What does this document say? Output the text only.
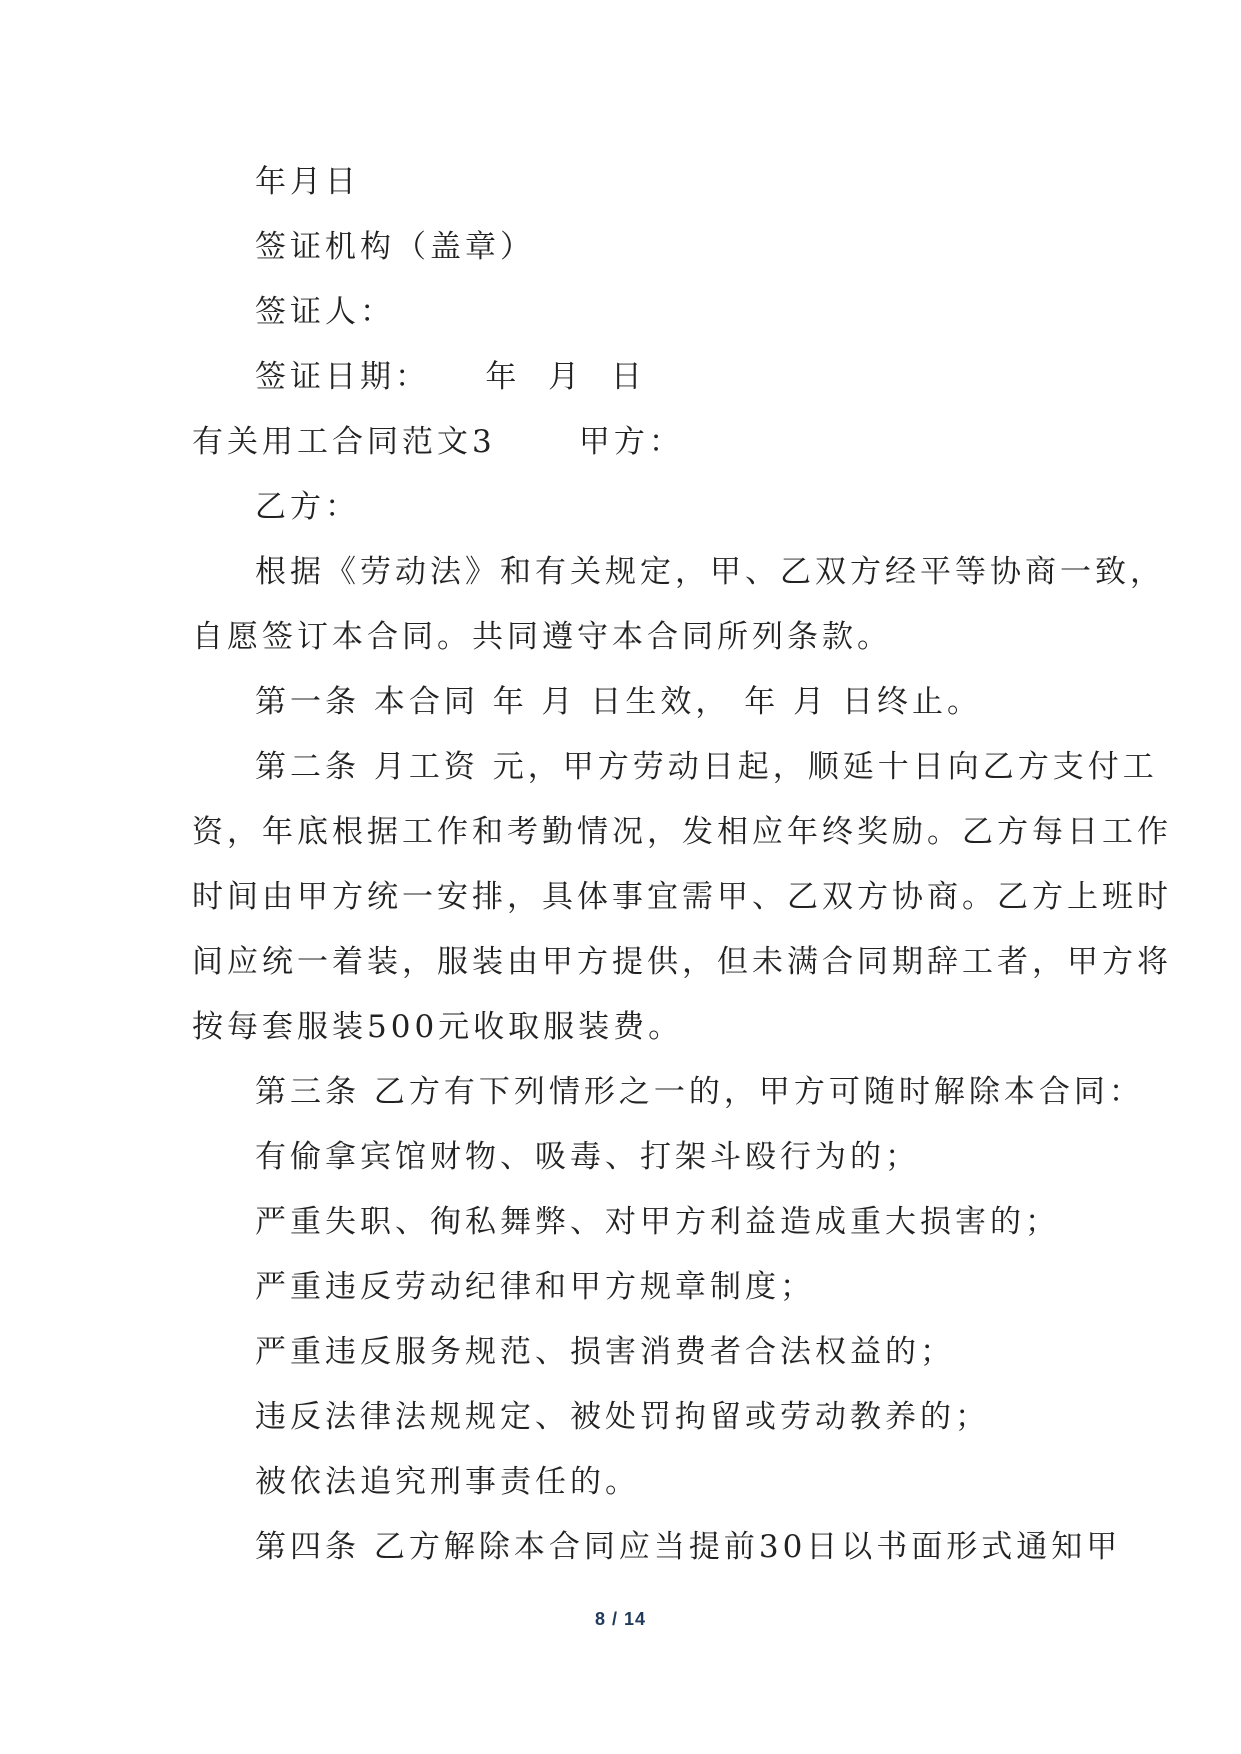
年月日
签证机构（盖章）
签证人：
签证日期：    年  月  日
有关用工合同范文3      甲方：
乙方：
根据《劳动法》和有关规定，甲、乙双方经平等协商一致，
自愿签订本合同。共同遵守本合同所列条款。
第一条 本合同 年 月 日生效， 年 月 日终止。
第二条 月工资 元，甲方劳动日起，顺延十日向乙方支付工
资，年底根据工作和考勤情况，发相应年终奖励。乙方每日工作
时间由甲方统一安排，具体事宜需甲、乙双方协商。乙方上班时
间应统一着装，服装由甲方提供，但未满合同期辞工者，甲方将
按每套服装500元收取服装费。
第三条 乙方有下列情形之一的，甲方可随时解除本合同：
有偷拿宾馆财物、吸毒、打架斗殴行为的；
严重失职、徇私舞弊、对甲方利益造成重大损害的；
严重违反劳动纪律和甲方规章制度；
严重违反服务规范、损害消费者合法权益的；
违反法律法规规定、被处罚拘留或劳动教养的；
被依法追究刑事责任的。
第四条 乙方解除本合同应当提前30日以书面形式通知甲
8 / 14
